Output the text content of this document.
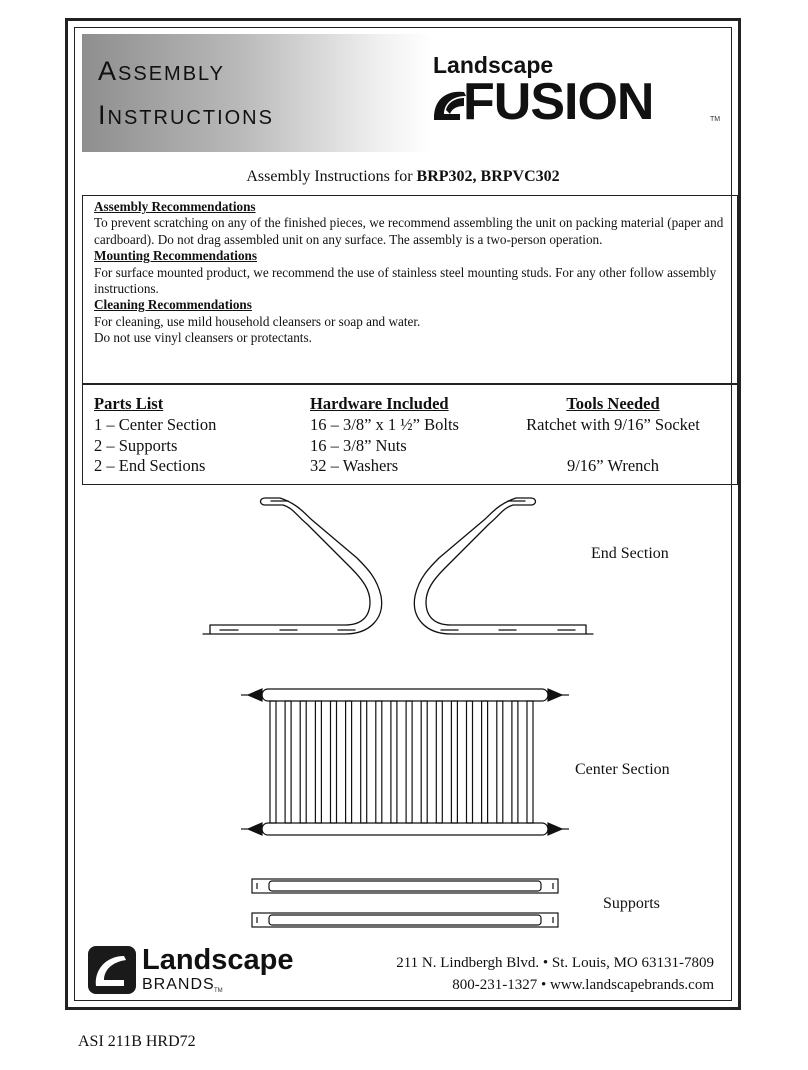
ASSEMBLY
INSTRUCTIONS
Landscape
FUSION	TM
Assembly Instructions for BRP302, BRPVC302
Assembly Recommendations
To prevent scratching on any of the finished pieces, we recommend assembling the unit on packing material (paper and cardboard). Do not drag assembled unit on any surface. The assembly is a two-person operation.
Mounting Recommendations
For surface mounted product, we recommend the use of stainless steel mounting studs. For any other follow assembly instructions.
Cleaning Recommendations
For cleaning, use mild household cleansers or soap and water.
Do not use vinyl cleansers or protectants.
Parts List
1 – Center Section
2 – Supports
2 – End Sections
Hardware Included
16 – 3/8” x 1 ½” Bolts
16 – 3/8” Nuts
32 – Washers
Tools Needed
Ratchet with 9/16” Socket
9/16” Wrench
End Section
Center Section
Supports
Landscape
BRANDS TM
211 N. Lindbergh Blvd. • St. Louis, MO 63131-7809
800-231-1327 • www.landscapebrands.com
ASI 211B HRD72
